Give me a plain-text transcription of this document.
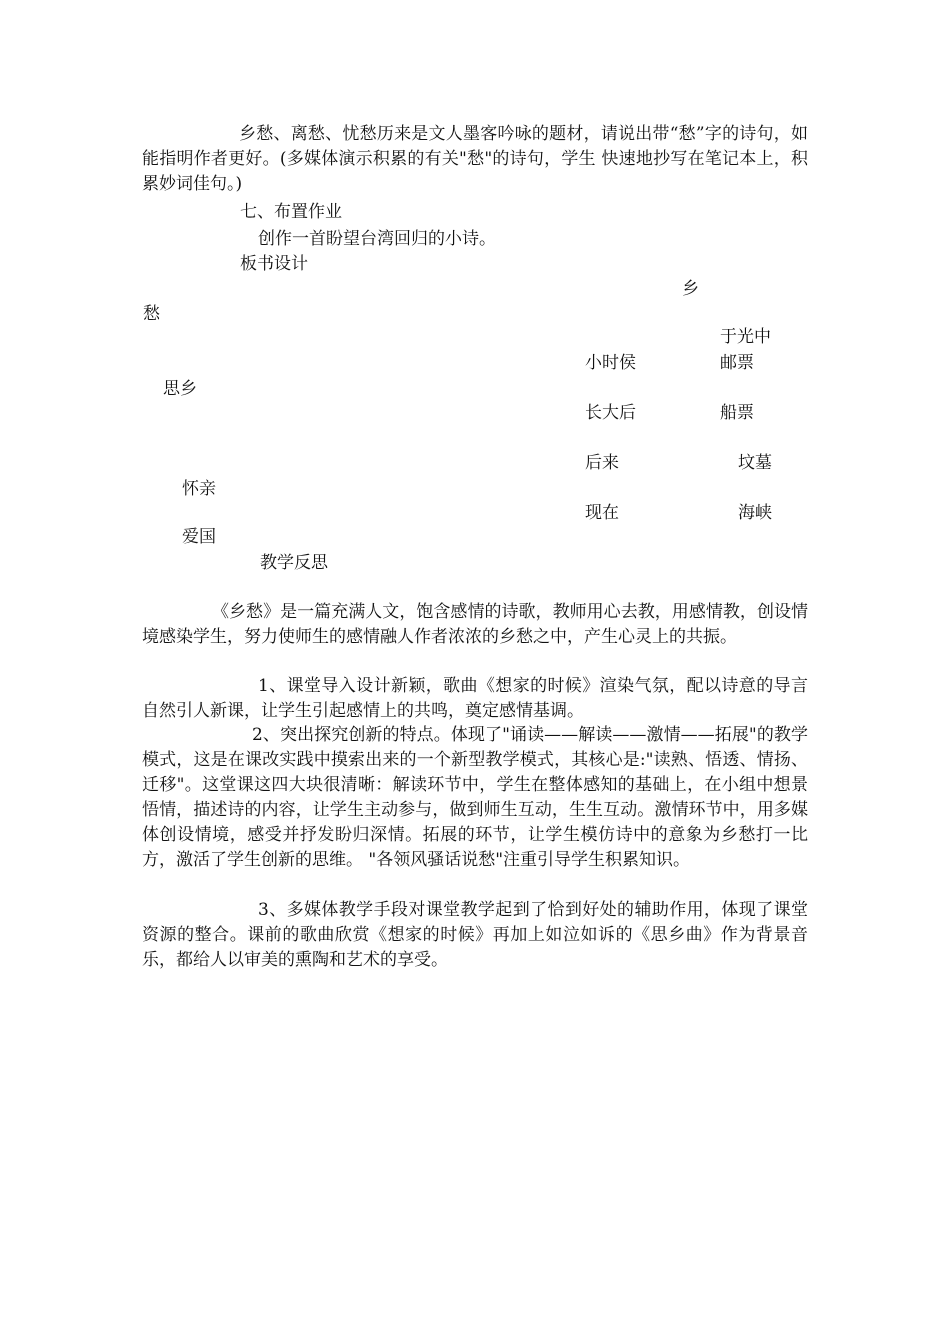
乡愁、离愁、忧愁历来是文人墨客吟咏的题材，请说出带“愁”字的诗句，如能指明作者更好。(多媒体演示积累的有关"愁"的诗句，学生 快速地抄写在笔记本上，积累妙词佳句。)

七、布置作业
创作一首盼望台湾回归的小诗。
板书设计
乡
愁
于光中
小时侯	邮票
思乡
长大后	船票
后来	坟墓
怀亲
现在	海峡
爱国
教学反思

《乡愁》是一篇充满人文，饱含感情的诗歌，教师用心去教，用感情教，创设情境感染学生，努力使师生的感情融人作者浓浓的乡愁之中，产生心灵上的共振。

1、课堂导入设计新颖，歌曲《想家的时候》渲染气氛，配以诗意的导言自然引人新课，让学生引起感情上的共鸣，奠定感情基调。

2、突出探究创新的特点。体现了"诵读——解读——激情——拓展"的教学模式，这是在课改实践中摸索出来的一个新型教学模式，其核心是:"读熟、悟透、情扬、迁移"。这堂课这四大块很清晰：解读环节中，学生在整体感知的基础上，在小组中想景悟情，描述诗的内容，让学生主动参与，做到师生互动，生生互动。激情环节中，用多媒体创设情境，感受并抒发盼归深情。拓展的环节，让学生模仿诗中的意象为乡愁打一比方，激活了学生创新的思维。 "各领风骚话说愁"注重引导学生积累知识。

3、多媒体教学手段对课堂教学起到了恰到好处的辅助作用，体现了课堂资源的整合。课前的歌曲欣赏《想家的时候》再加上如泣如诉的《思乡曲》作为背景音乐，都给人以审美的熏陶和艺术的享受。
